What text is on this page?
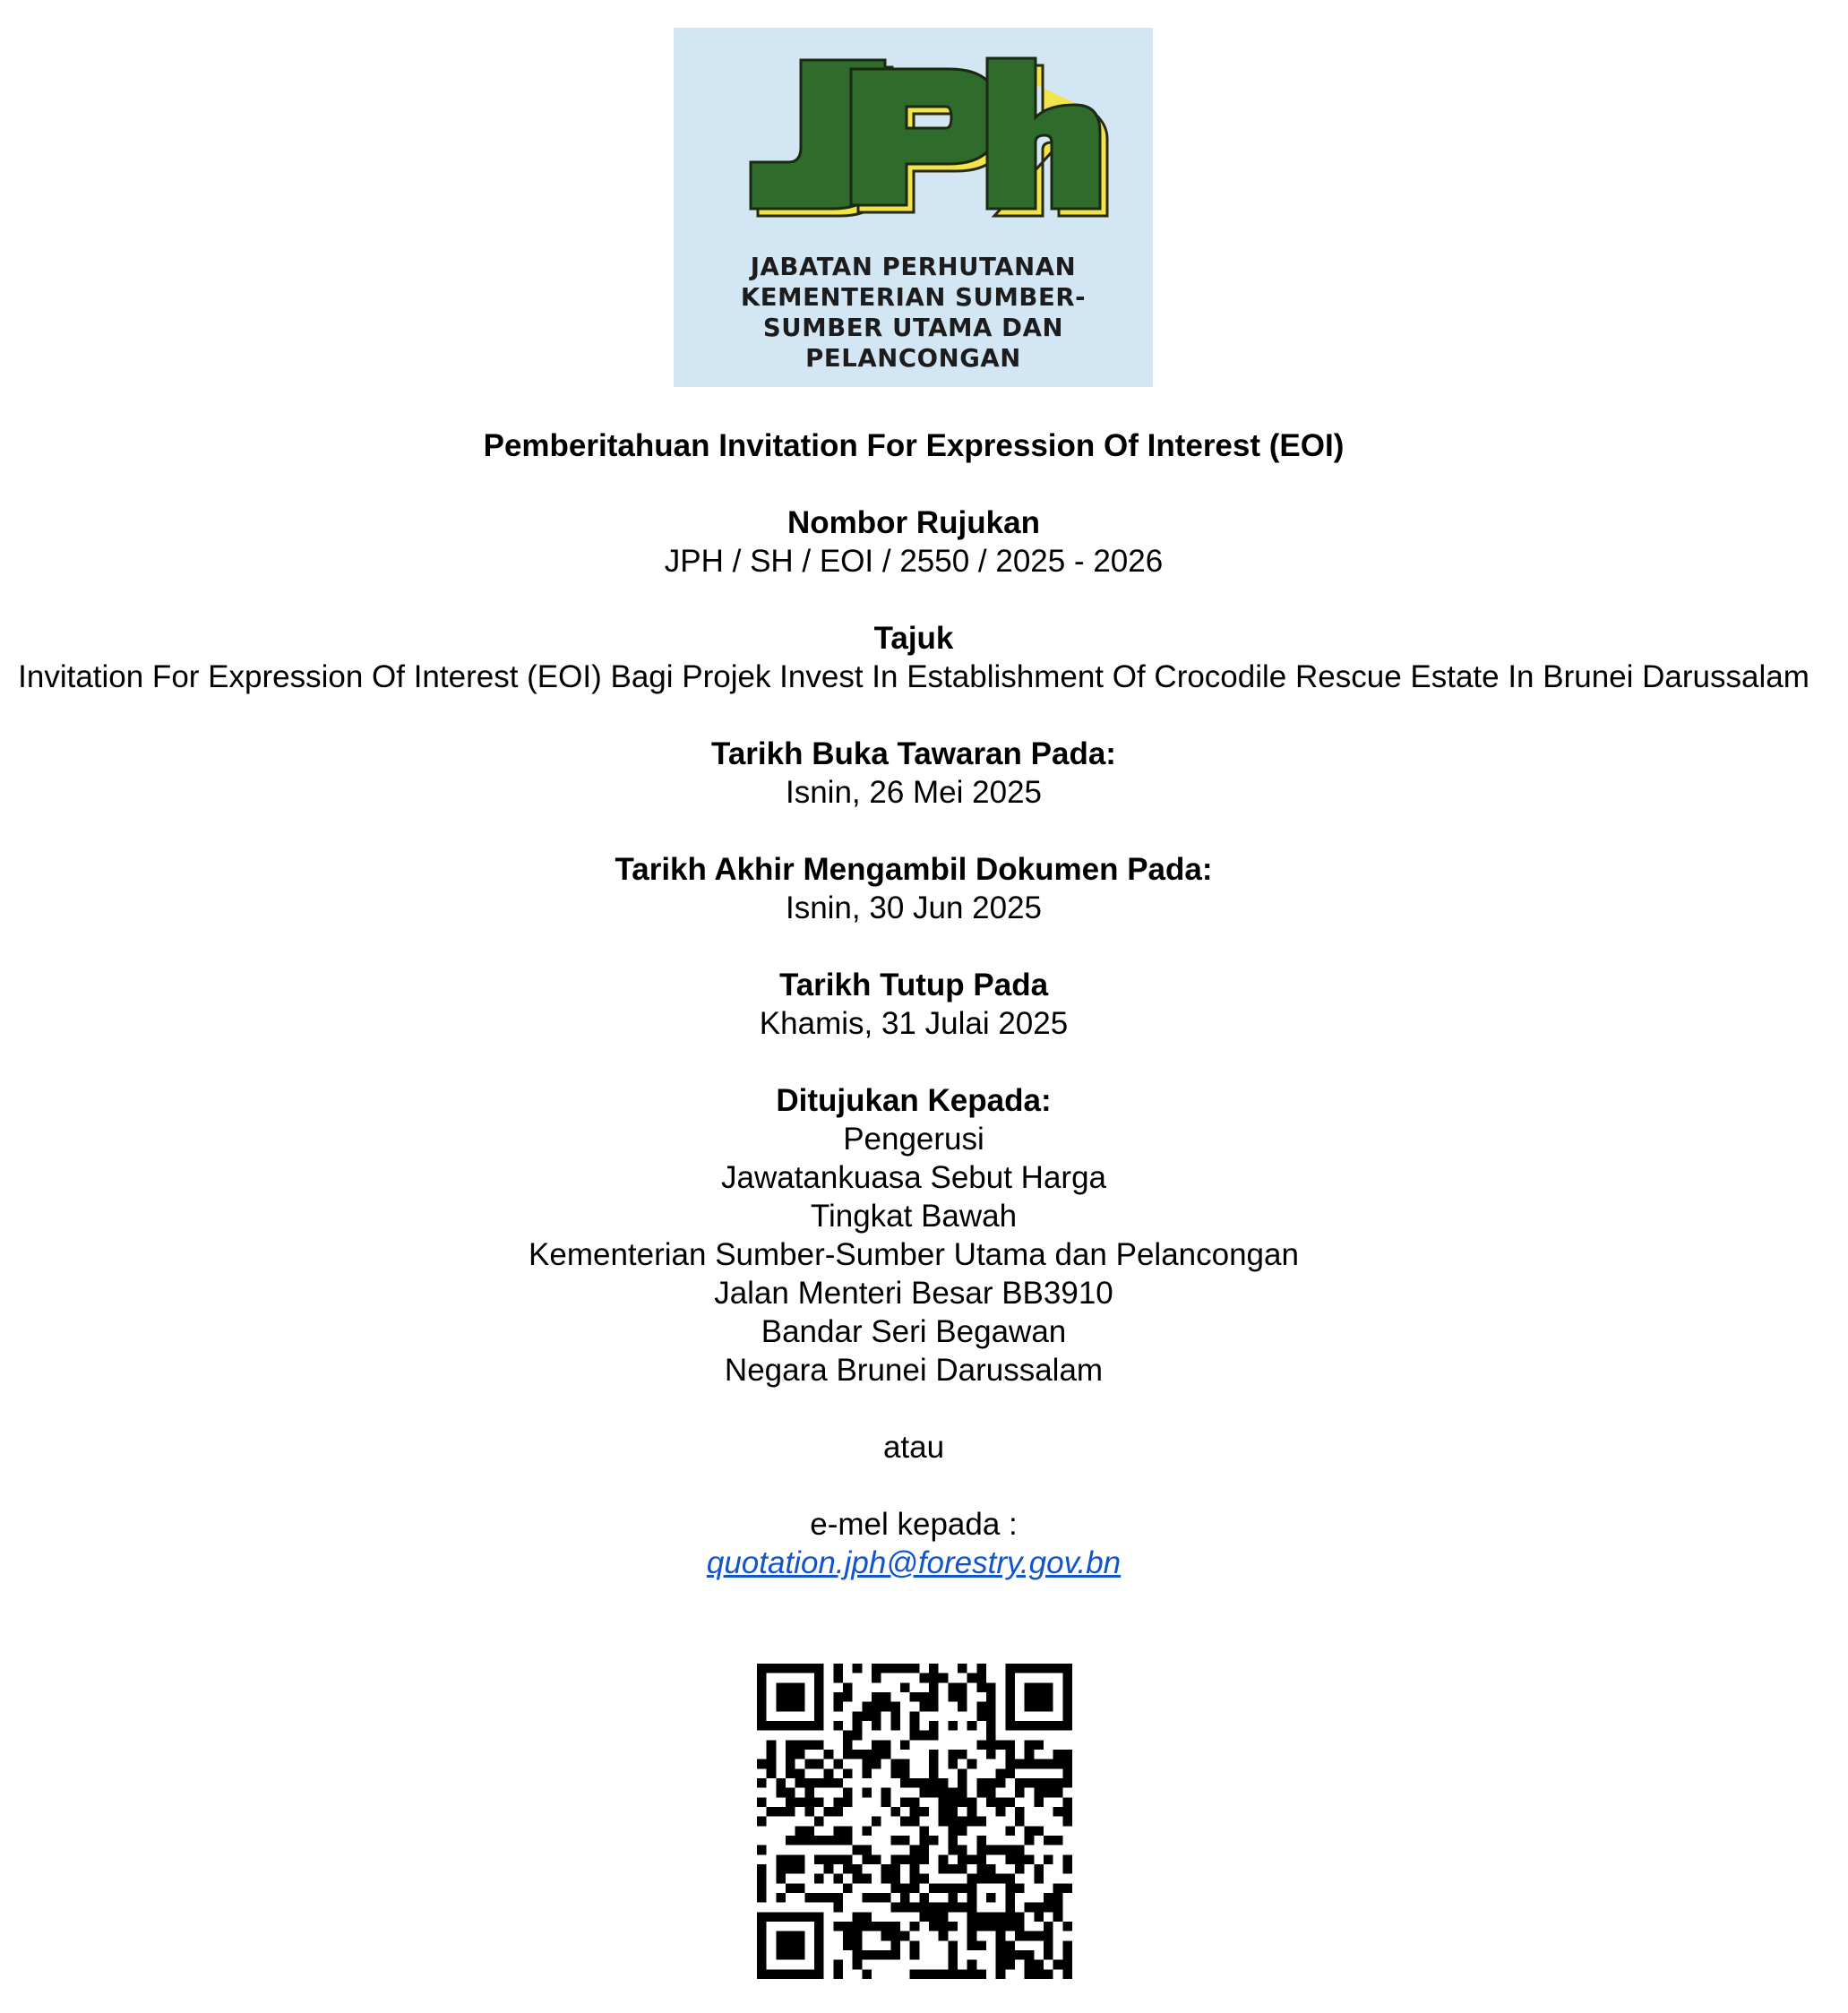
JABATAN PERHUTANAN
KEMENTERIAN SUMBER-
SUMBER UTAMA DAN
PELANCONGAN
Pemberitahuan Invitation For Expression Of Interest (EOI)
Nombor Rujukan
JPH / SH / EOI / 2550 / 2025 - 2026
Tajuk
Invitation For Expression Of Interest (EOI) Bagi Projek Invest In Establishment Of Crocodile Rescue Estate In Brunei Darussalam
Tarikh Buka Tawaran Pada:
Isnin, 26 Mei 2025
Tarikh Akhir Mengambil Dokumen Pada:
Isnin, 30 Jun 2025
Tarikh Tutup Pada
Khamis, 31 Julai 2025
Ditujukan Kepada:
Pengerusi
Jawatankuasa Sebut Harga
Tingkat Bawah
Kementerian Sumber-Sumber Utama dan Pelancongan
Jalan Menteri Besar BB3910
Bandar Seri Begawan
Negara Brunei Darussalam
atau
e-mel kepada :
quotation.jph@forestry.gov.bn
